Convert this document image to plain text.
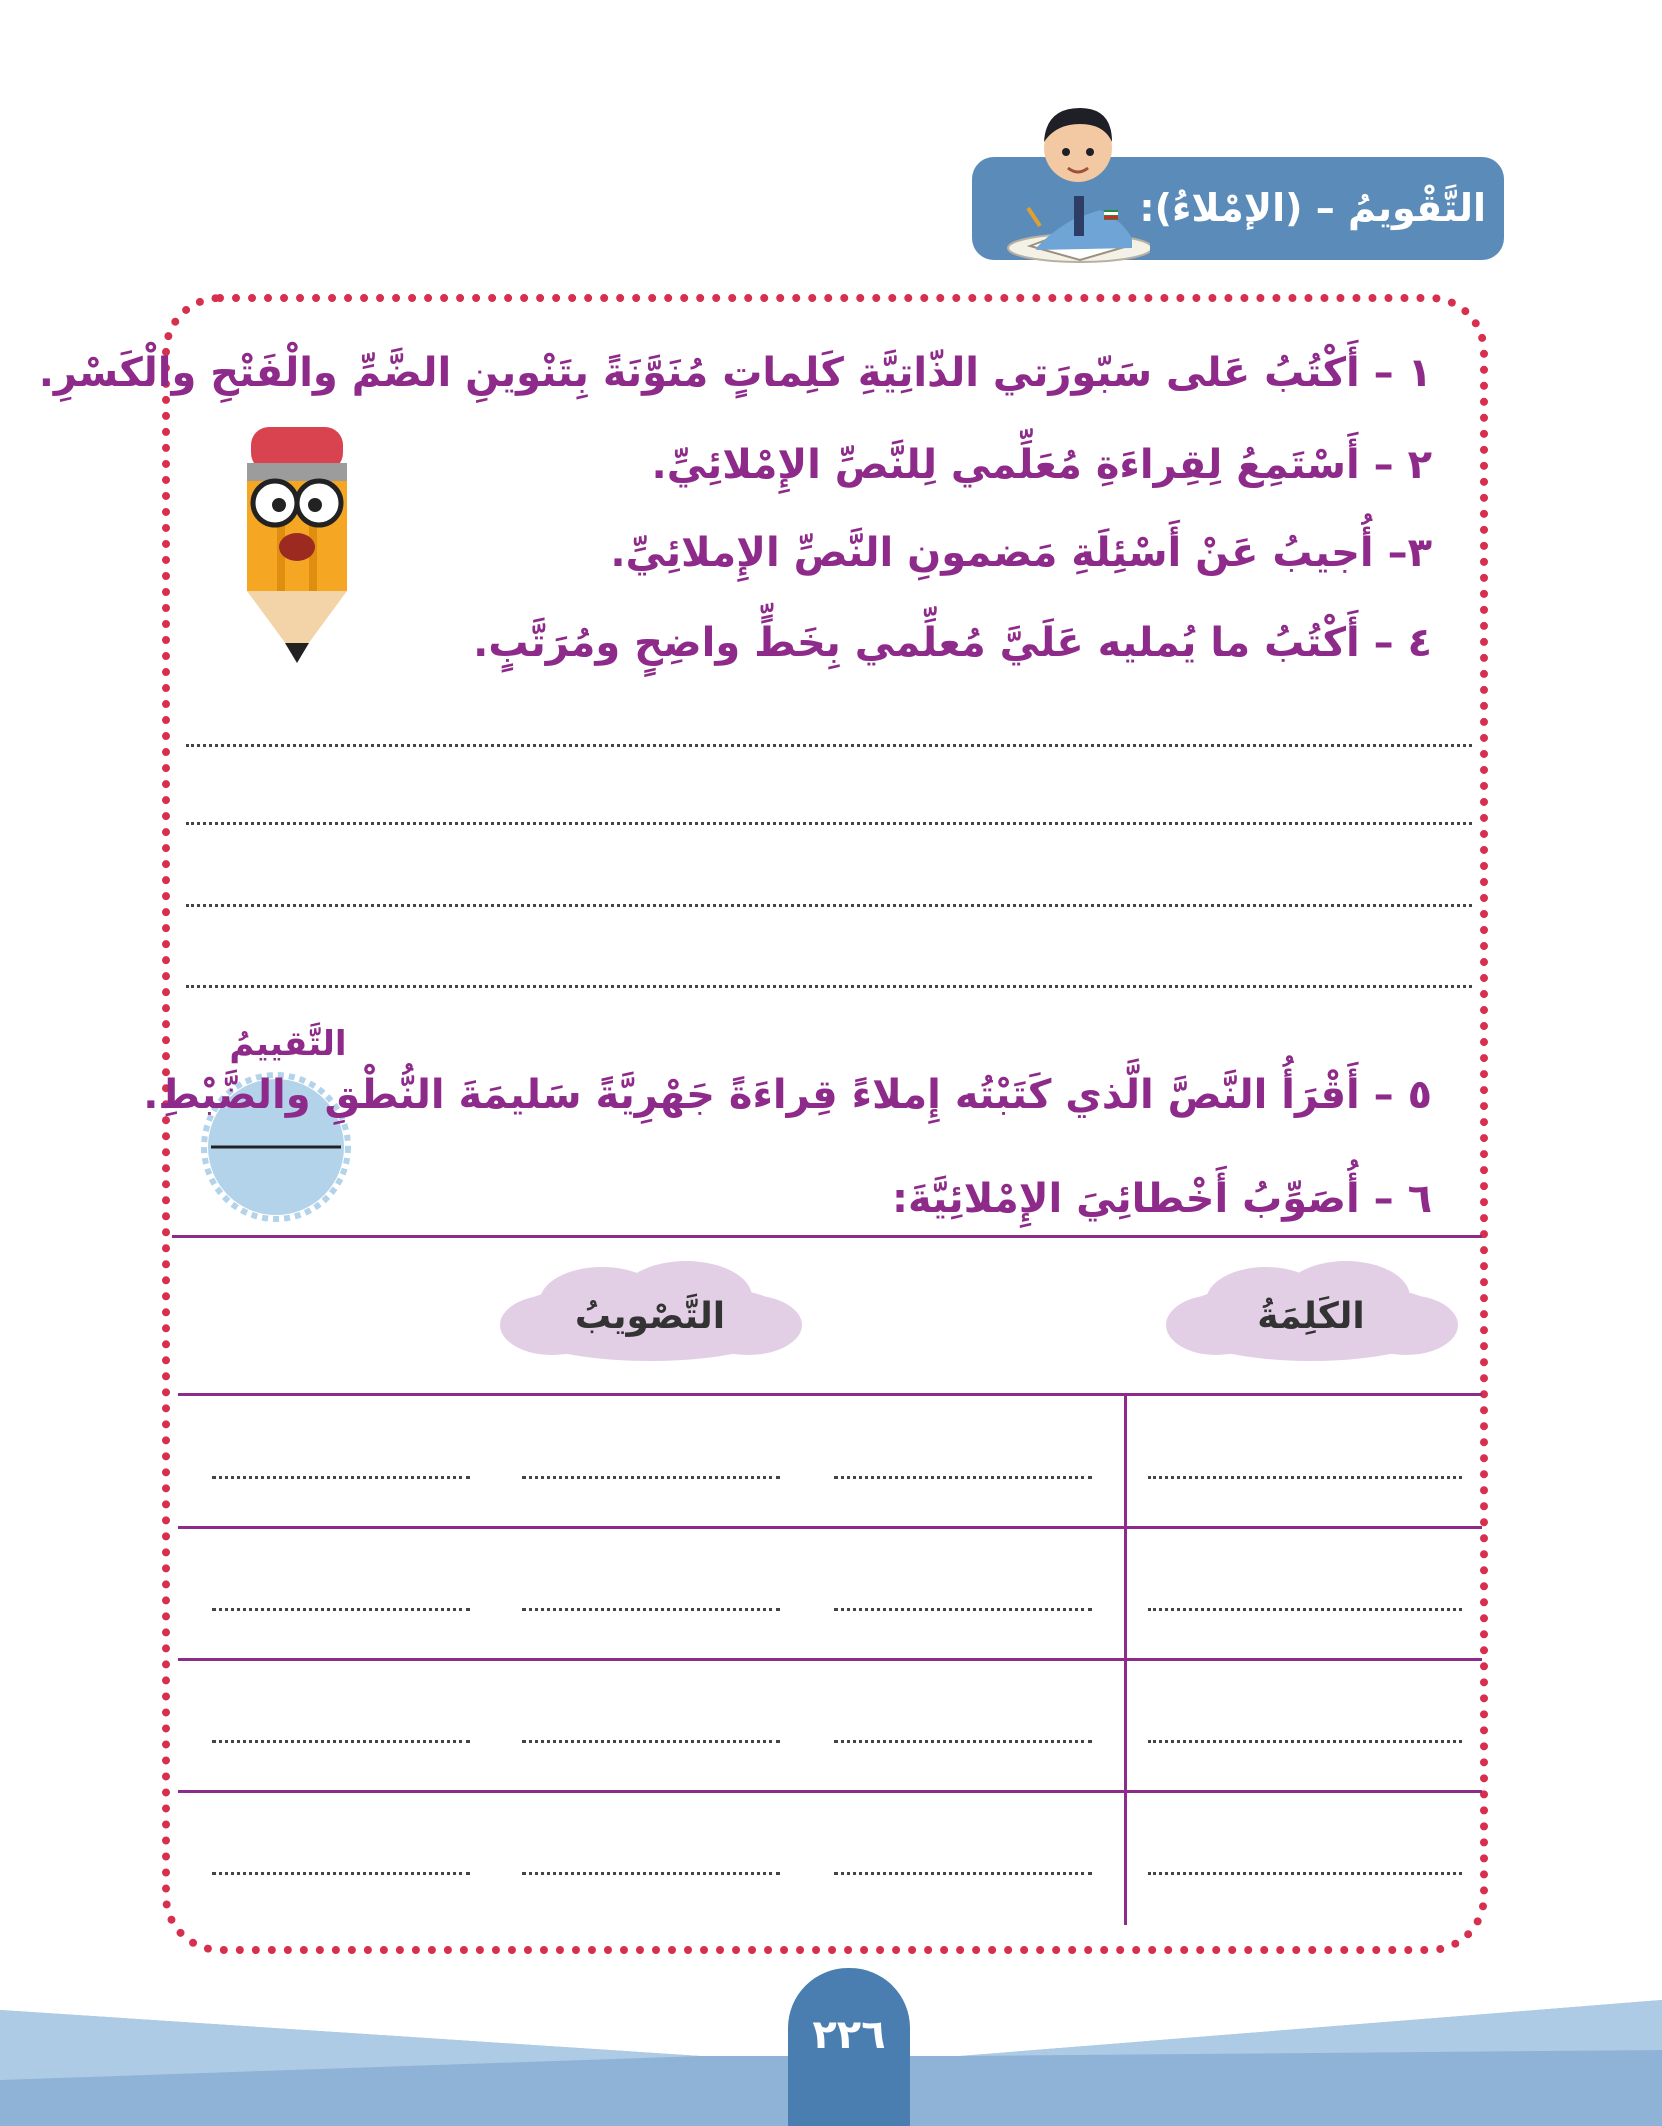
التَّقْويمُ – (الإمْلاءُ):
١ – أَكْتُبُ عَلى سَبّورَتي الذّاتِيَّةِ كَلِماتٍ مُنَوَّنَةً بِتَنْوينِ الضَّمِّ والْفَتْحِ والْكَسْرِ.
٢ – أَسْتَمِعُ لِقِراءَةِ مُعَلِّمي لِلنَّصِّ الإِمْلائِيِّ.
٣– أُجيبُ عَنْ أَسْئِلَةِ مَضمونِ النَّصِّ الإِملائِيِّ.
٤ – أَكْتُبُ ما يُمليه عَلَيَّ مُعلِّمي بِخَطٍّ واضِحٍ ومُرَتَّبٍ.
التَّقييمُ
٥ – أَقْرَأُ النَّصَّ الَّذي كَتَبْتُه إِملاءً قِراءَةً جَهْرِيَّةً سَليمَةَ النُّطْقِ والضَّبْطِ.
٦ – أُصَوِّبُ أَخْطائِيَ الإِمْلائِيَّةَ:
الكَلِمَةُ
التَّصْويبُ
٢٢٦
